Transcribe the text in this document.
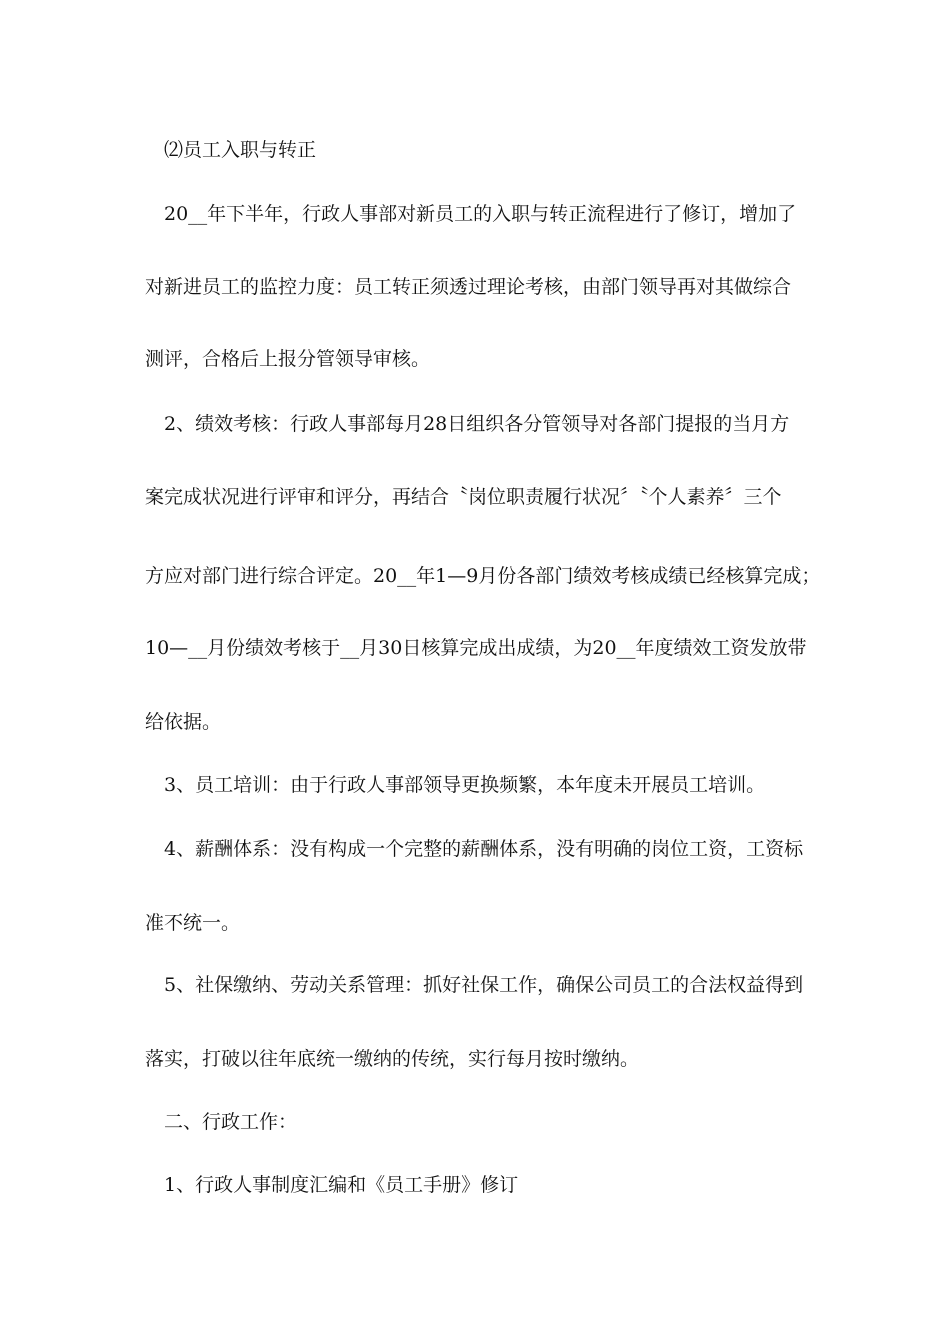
⑵员工入职与转正
20__年下半年，行政人事部对新员工的入职与转正流程进行了修订，增加了
对新进员工的监控力度：员工转正须透过理论考核，由部门领导再对其做综合
测评，合格后上报分管领导审核。
2、绩效考核：行政人事部每月28日组织各分管领导对各部门提报的当月方
案完成状况进行评审和评分，再结合〝岗位职责履行状况〞〝个人素养〞三个
方应对部门进行综合评定。20__年1—9月份各部门绩效考核成绩已经核算完成；
10—__月份绩效考核于__月30日核算完成出成绩，为20__年度绩效工资发放带
给依据。
3、员工培训：由于行政人事部领导更换频繁，本年度未开展员工培训。
4、薪酬体系：没有构成一个完整的薪酬体系，没有明确的岗位工资，工资标
准不统一。
5、社保缴纳、劳动关系管理：抓好社保工作，确保公司员工的合法权益得到
落实，打破以往年底统一缴纳的传统，实行每月按时缴纳。
二、行政工作：
1、行政人事制度汇编和《员工手册》修订
